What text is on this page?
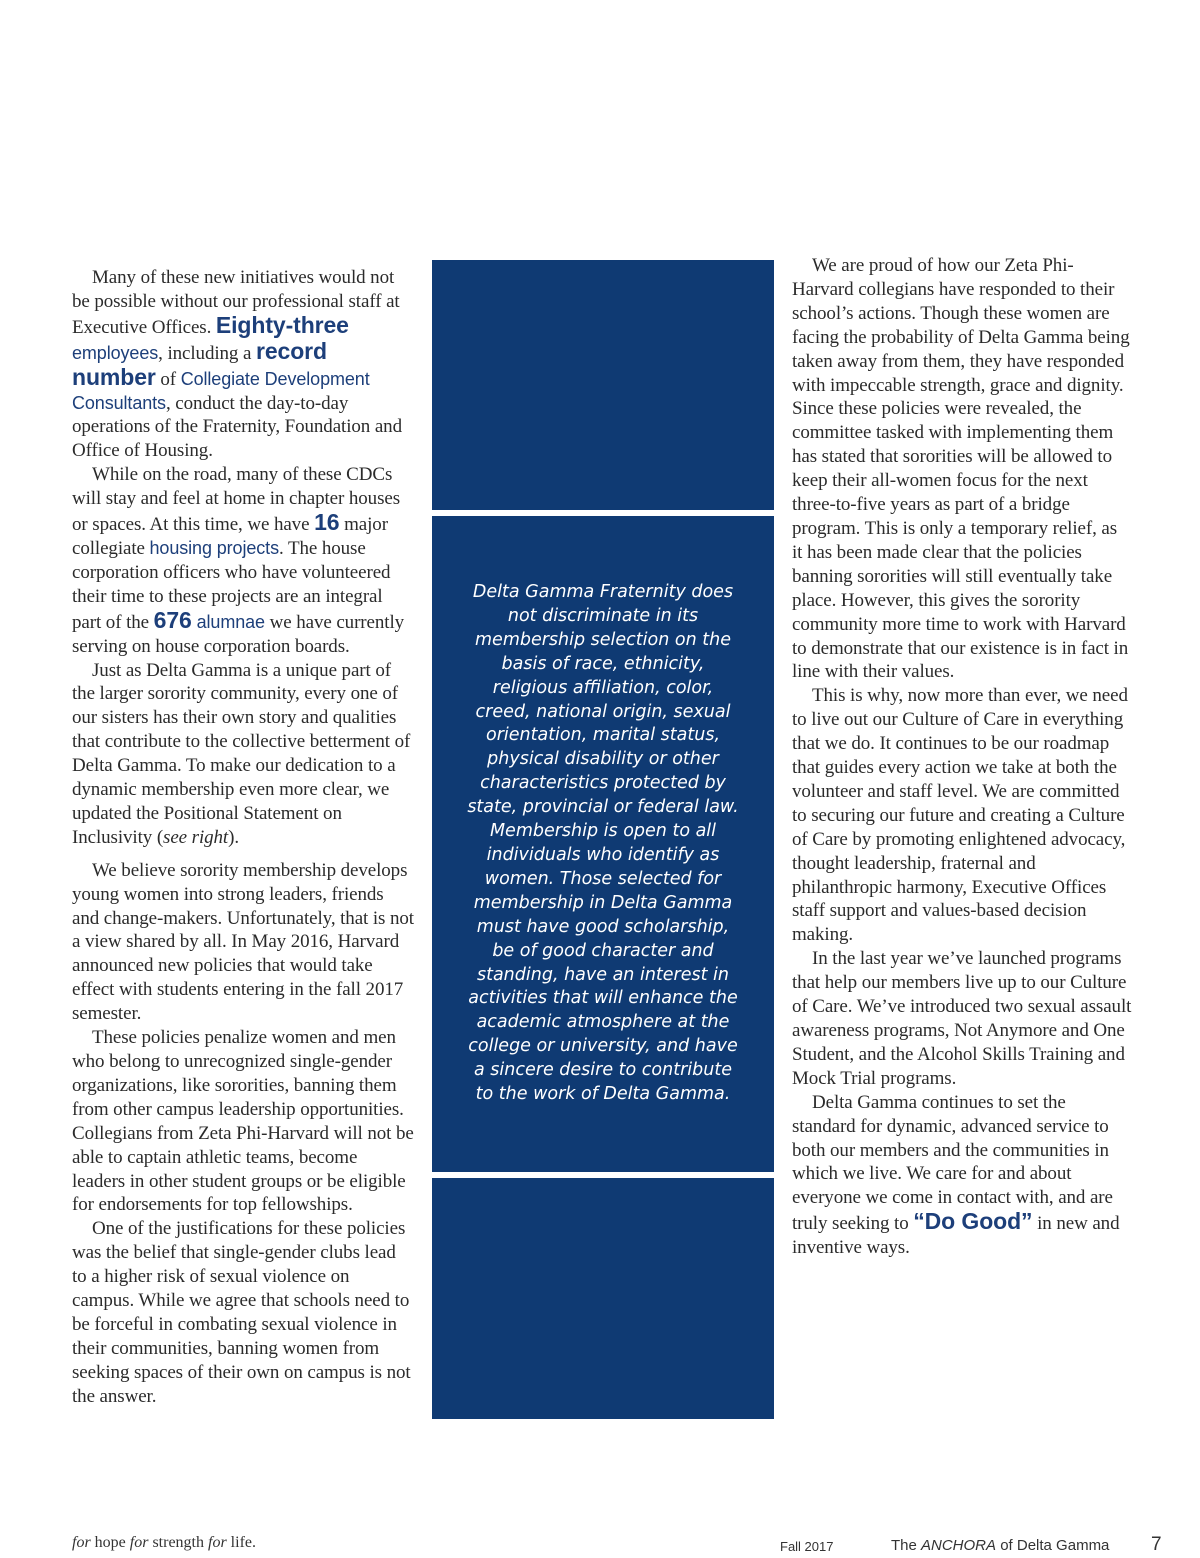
Many of these new initiatives would not be possible without our professional staff at Executive Offices. Eighty-three employees, including a record number of Collegiate Development Consultants, conduct the day-to-day operations of the Fraternity, Foundation and Office of Housing.

While on the road, many of these CDCs will stay and feel at home in chapter houses or spaces. At this time, we have 16 major collegiate housing projects. The house corporation officers who have volunteered their time to these projects are an integral part of the 676 alumnae we have currently serving on house corporation boards.

Just as Delta Gamma is a unique part of the larger sorority community, every one of our sisters has their own story and qualities that contribute to the collective betterment of Delta Gamma. To make our dedication to a dynamic membership even more clear, we updated the Positional Statement on Inclusivity (see right).

We believe sorority membership develops young women into strong leaders, friends and change-makers. Unfortunately, that is not a view shared by all. In May 2016, Harvard announced new policies that would take effect with students entering in the fall 2017 semester.

These policies penalize women and men who belong to unrecognized single-gender organizations, like sororities, banning them from other campus leadership opportunities. Collegians from Zeta Phi-Harvard will not be able to captain athletic teams, become leaders in other student groups or be eligible for endorsements for top fellowships.

One of the justifications for these policies was the belief that single-gender clubs lead to a higher risk of sexual violence on campus. While we agree that schools need to be forceful in combating sexual violence in their communities, banning women from seeking spaces of their own on campus is not the answer.

Delta Gamma Fraternity does not discriminate in its membership selection on the basis of race, ethnicity, religious affiliation, color, creed, national origin, sexual orientation, marital status, physical disability or other characteristics protected by state, provincial or federal law. Membership is open to all individuals who identify as women. Those selected for membership in Delta Gamma must have good scholarship, be of good character and standing, have an interest in activities that will enhance the academic atmosphere at the college or university, and have a sincere desire to contribute to the work of Delta Gamma.

We are proud of how our Zeta Phi-Harvard collegians have responded to their school’s actions. Though these women are facing the probability of Delta Gamma being taken away from them, they have responded with impeccable strength, grace and dignity. Since these policies were revealed, the committee tasked with implementing them has stated that sororities will be allowed to keep their all-women focus for the next three-to-five years as part of a bridge program. This is only a temporary relief, as it has been made clear that the policies banning sororities will still eventually take place. However, this gives the sorority community more time to work with Harvard to demonstrate that our existence is in fact in line with their values.

This is why, now more than ever, we need to live out our Culture of Care in everything that we do. It continues to be our roadmap that guides every action we take at both the volunteer and staff level. We are committed to securing our future and creating a Culture of Care by promoting enlightened advocacy, thought leadership, fraternal and philanthropic harmony, Executive Offices staff support and values-based decision making.

In the last year we’ve launched programs that help our members live up to our Culture of Care. We’ve introduced two sexual assault awareness programs, Not Anymore and One Student, and the Alcohol Skills Training and Mock Trial programs.

Delta Gamma continues to set the standard for dynamic, advanced service to both our members and the communities in which we live. We care for and about everyone we come in contact with, and are truly seeking to “Do Good” in new and inventive ways.

for hope for strength for life.	Fall 2017	The ANCHORA of Delta Gamma 7
